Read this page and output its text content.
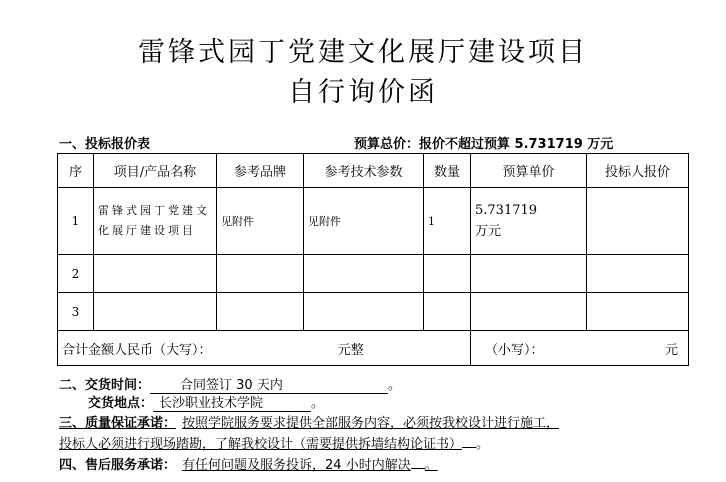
雷锋式园丁党建文化展厅建设项目
自行询价函
一、投标报价表	预算总价：报价不超过预算 5.731719 万元
序	项目/产品名称	参考品牌	参考技术参数	数量	预算单价	投标人报价
1	雷锋式园丁党建文化展厅建设项目	见附件	见附件	1	5.731719
万元	

2						
3						
合计金额人民币（大写）： 元整					（小写）： 元	
二、交货时间： 合同签订 30 天内	。
交货地点： 长沙职业技术学院	。
三、质量保证承诺： 按照学院服务要求提供全部服务内容，必须按我校设计进行施工，
投标人必须进行现场踏勘，了解我校设计（需要提供拆墙结构论证书） 。
四、售后服务承诺： 有任何问题及服务投诉，24 小时内解决 。
